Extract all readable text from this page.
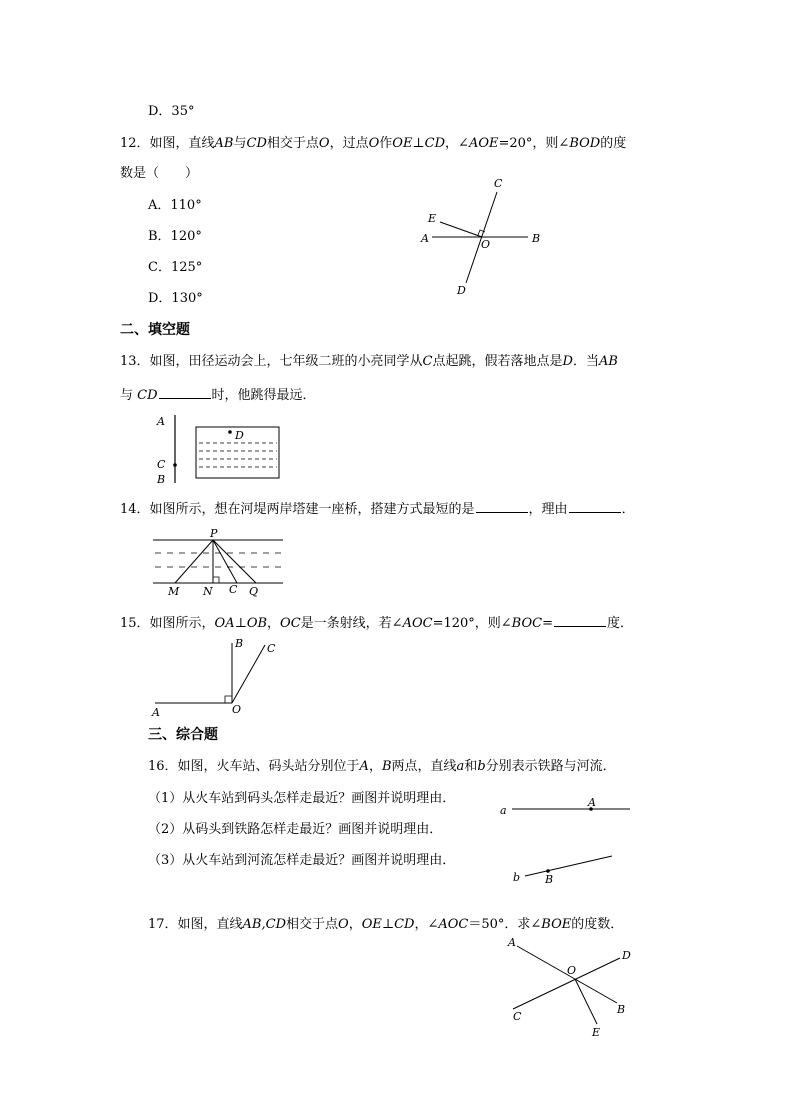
D．35°
12．如图，直线AB与CD相交于点O，过点O作OE⊥CD，∠AOE=20°，则∠BOD的度
数是（　　）
A．110°
B．120°
C．125°
D．130°
C
E
A	O	B
D
二、填空题
13．如图，田径运动会上，七年级二班的小亮同学从C点起跳，假若落地点是D．当AB
与 CD	时，他跳得最远．
A
C
B
D
14．如图所示，想在河堤两岸塔建一座桥，搭建方式最短的是	，理由	．
P
M N C Q
15．如图所示，OA⊥OB，OC是一条射线，若∠AOC=120°，则∠BOC=	度．
B C
A	O
三、综合题
16．如图，火车站、码头站分别位于A，B两点，直线a和b分别表示铁路与河流．
（1）从火车站到码头怎样走最近？画图并说明理由．
（2）从码头到铁路怎样走最近？画图并说明理由．
（3）从火车站到河流怎样走最近？画图并说明理由．
a
A
b B
17．如图，直线AB,CD相交于点O，OE⊥CD，∠AOC＝50°．求∠BOE的度数．
A
O
D
B
C
E
